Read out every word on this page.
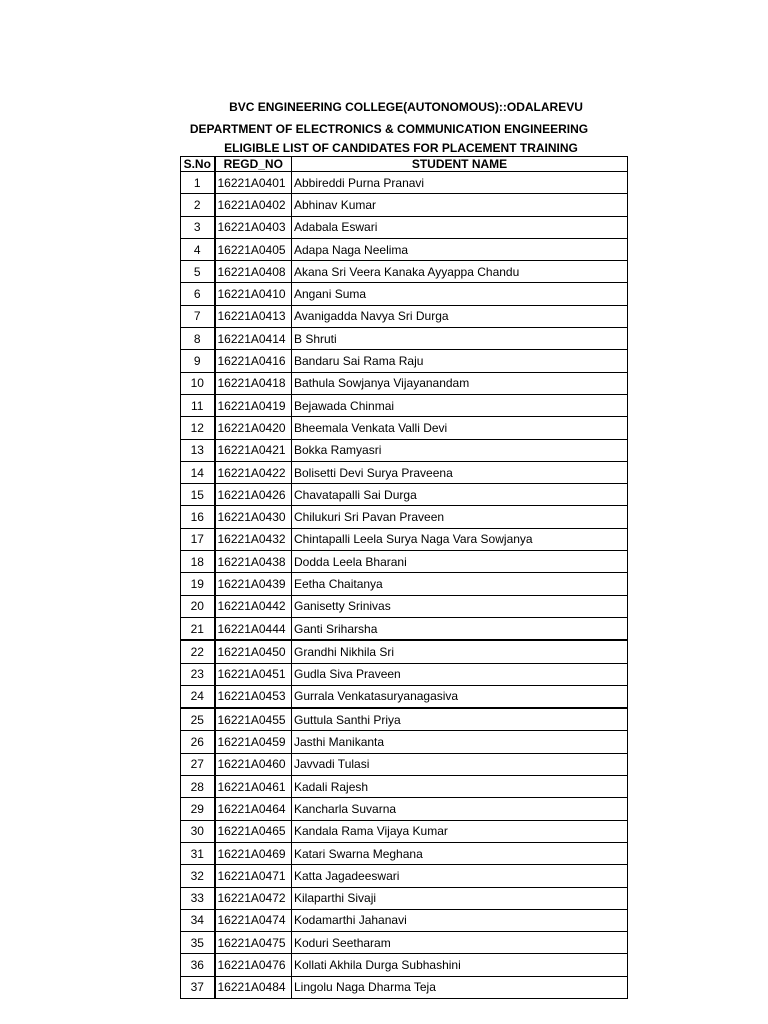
BVC ENGINEERING COLLEGE(AUTONOMOUS)::ODALAREVU
DEPARTMENT OF ELECTRONICS & COMMUNICATION ENGINEERING
ELIGIBLE LIST OF CANDIDATES FOR PLACEMENT TRAINING
S.No	REGD_NO	STUDENT NAME
1	16221A0401	Abbireddi Purna Pranavi
2	16221A0402	Abhinav Kumar
3	16221A0403	Adabala Eswari
4	16221A0405	Adapa Naga Neelima
5	16221A0408	Akana Sri Veera Kanaka Ayyappa Chandu
6	16221A0410	Angani Suma
7	16221A0413	Avanigadda Navya Sri Durga
8	16221A0414	B Shruti
9	16221A0416	Bandaru Sai Rama Raju
10	16221A0418	Bathula Sowjanya Vijayanandam
11	16221A0419	Bejawada Chinmai
12	16221A0420	Bheemala Venkata Valli Devi
13	16221A0421	Bokka Ramyasri
14	16221A0422	Bolisetti Devi Surya Praveena
15	16221A0426	Chavatapalli Sai Durga
16	16221A0430	Chilukuri Sri Pavan Praveen
17	16221A0432	Chintapalli Leela Surya Naga Vara Sowjanya
18	16221A0438	Dodda Leela Bharani
19	16221A0439	Eetha Chaitanya
20	16221A0442	Ganisetty Srinivas
21	16221A0444	Ganti Sriharsha
22	16221A0450	Grandhi Nikhila Sri
23	16221A0451	Gudla Siva Praveen
24	16221A0453	Gurrala Venkatasuryanagasiva
25	16221A0455	Guttula Santhi Priya
26	16221A0459	Jasthi Manikanta
27	16221A0460	Javvadi Tulasi
28	16221A0461	Kadali Rajesh
29	16221A0464	Kancharla Suvarna
30	16221A0465	Kandala Rama Vijaya Kumar
31	16221A0469	Katari Swarna Meghana
32	16221A0471	Katta Jagadeeswari
33	16221A0472	Kilaparthi Sivaji
34	16221A0474	Kodamarthi Jahanavi
35	16221A0475	Koduri Seetharam
36	16221A0476	Kollati Akhila Durga Subhashini
37	16221A0484	Lingolu Naga Dharma Teja
